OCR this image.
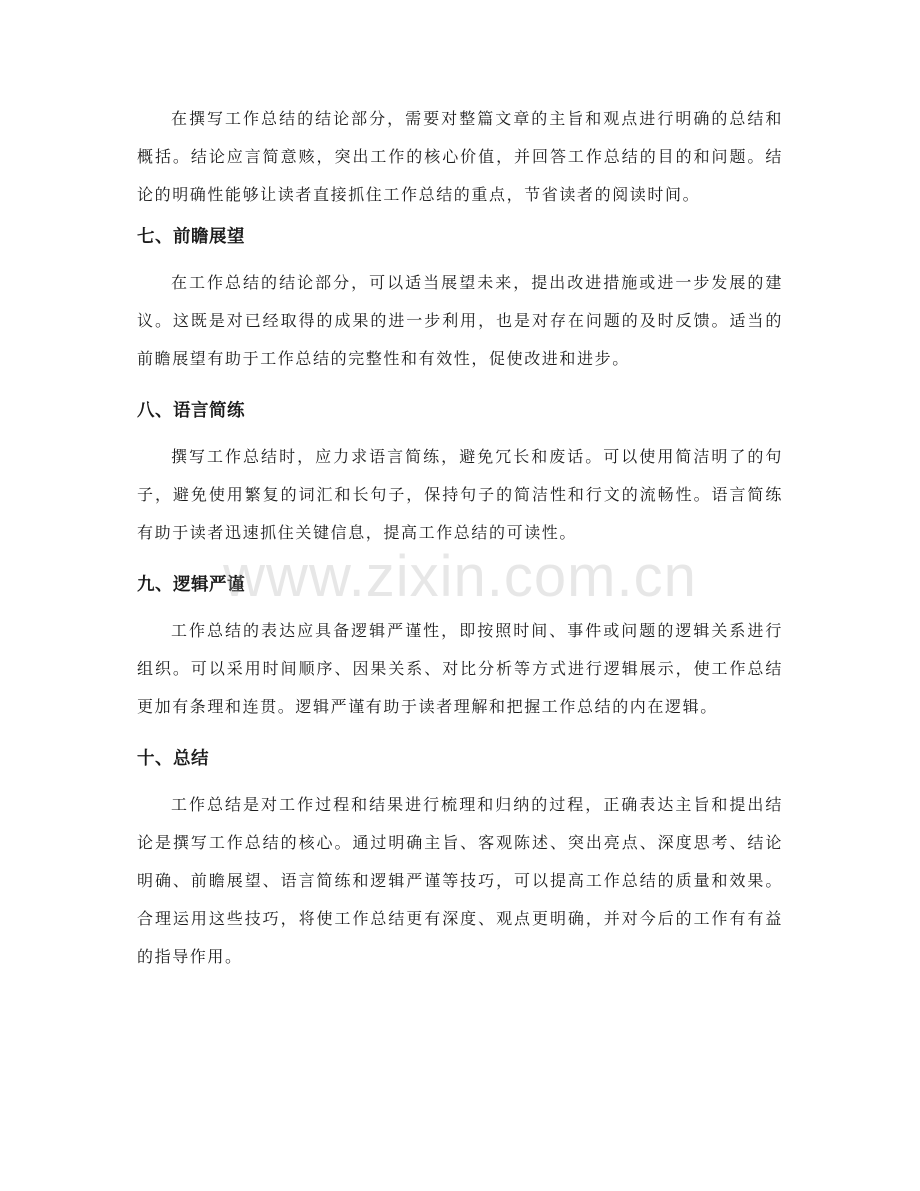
在撰写工作总结的结论部分，需要对整篇文章的主旨和观点进行明确的总结和概括。结论应言简意赅，突出工作的核心价值，并回答工作总结的目的和问题。结论的明确性能够让读者直接抓住工作总结的重点，节省读者的阅读时间。

七、前瞻展望

在工作总结的结论部分，可以适当展望未来，提出改进措施或进一步发展的建议。这既是对已经取得的成果的进一步利用，也是对存在问题的及时反馈。适当的前瞻展望有助于工作总结的完整性和有效性，促使改进和进步。

八、语言简练

撰写工作总结时，应力求语言简练，避免冗长和废话。可以使用简洁明了的句子，避免使用繁复的词汇和长句子，保持句子的简洁性和行文的流畅性。语言简练有助于读者迅速抓住关键信息，提高工作总结的可读性。

九、逻辑严谨

工作总结的表达应具备逻辑严谨性，即按照时间、事件或问题的逻辑关系进行组织。可以采用时间顺序、因果关系、对比分析等方式进行逻辑展示，使工作总结更加有条理和连贯。逻辑严谨有助于读者理解和把握工作总结的内在逻辑。

十、总结

工作总结是对工作过程和结果进行梳理和归纳的过程，正确表达主旨和提出结论是撰写工作总结的核心。通过明确主旨、客观陈述、突出亮点、深度思考、结论明确、前瞻展望、语言简练和逻辑严谨等技巧，可以提高工作总结的质量和效果。合理运用这些技巧，将使工作总结更有深度、观点更明确，并对今后的工作有有益的指导作用。

www.zixin.com.cn
